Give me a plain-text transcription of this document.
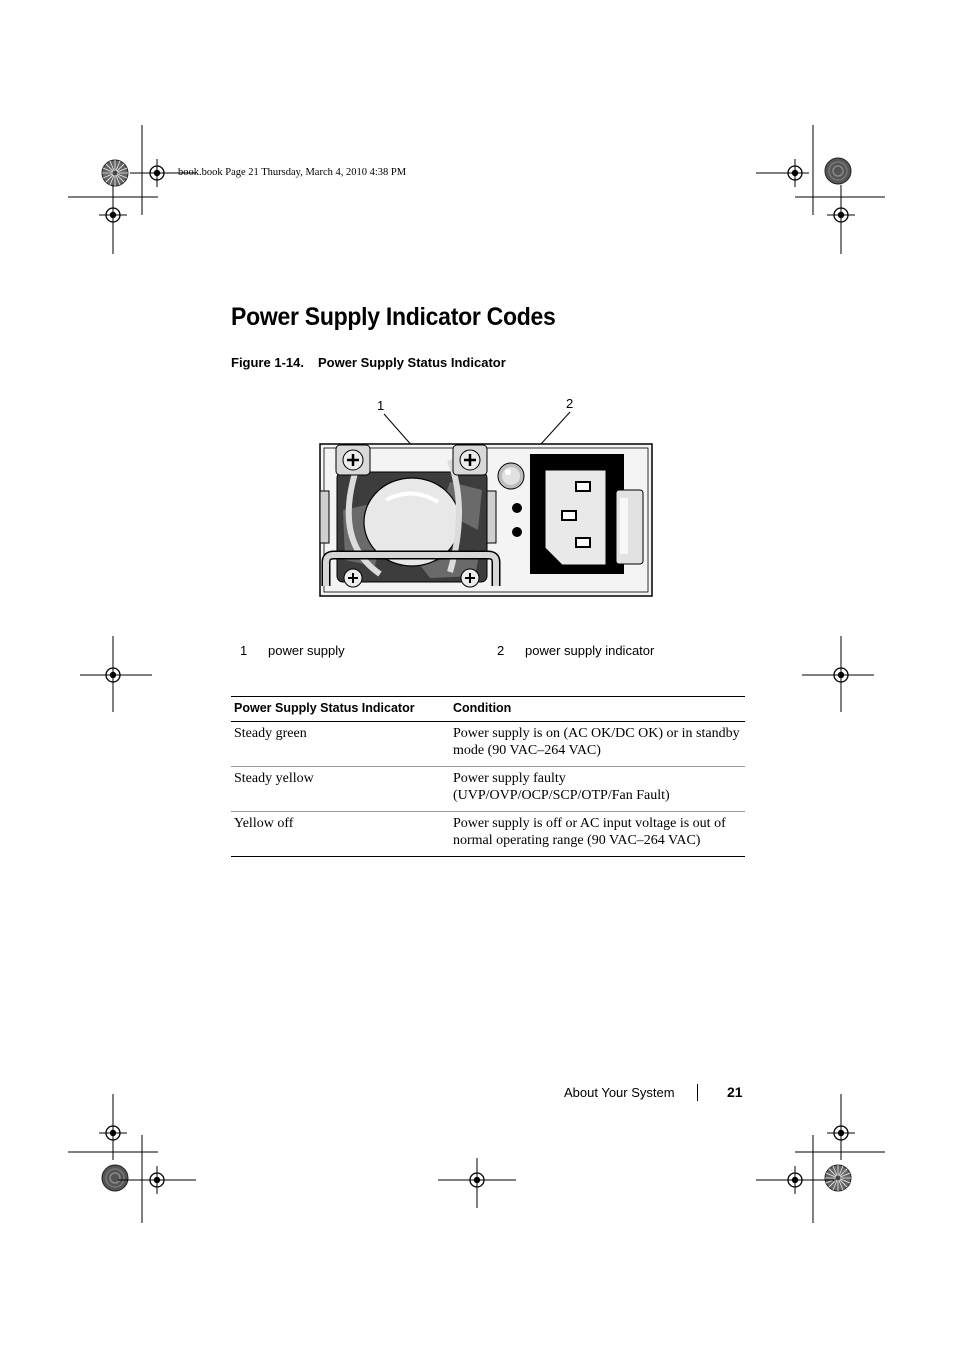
book.book Page 21 Thursday, March 4, 2010 4:38 PM
Power Supply Indicator Codes
Figure 1-14. Power Supply Status Indicator
1	2
1 power supply	2 power supply indicator
Power Supply Status Indicator	Condition
Steady green	Power supply is on (AC OK/DC OK) or in standby mode (90 VAC–264 VAC)
Steady yellow	Power supply faulty (UVP/OVP/OCP/SCP/OTP/Fan Fault)
Yellow off	Power supply is off or AC input voltage is out of normal operating range (90 VAC–264 VAC)
About Your System	21
